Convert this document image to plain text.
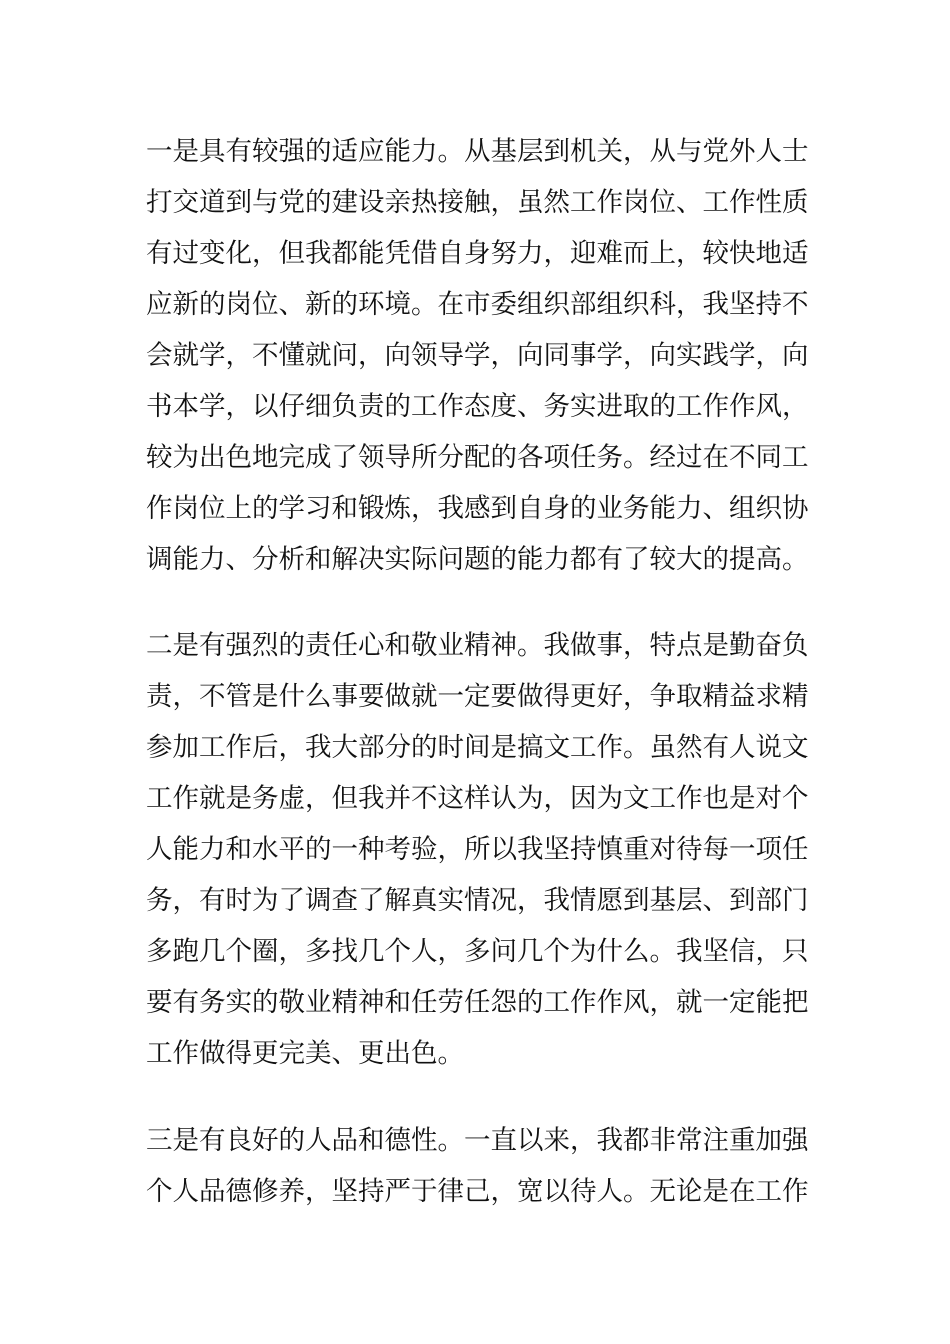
一是具有较强的适应能力。从基层到机关，从与党外人士
打交道到与党的建设亲热接触，虽然工作岗位、工作性质
有过变化，但我都能凭借自身努力，迎难而上，较快地适
应新的岗位、新的环境。在市委组织部组织科，我坚持不
会就学，不懂就问，向领导学，向同事学，向实践学，向
书本学，以仔细负责的工作态度、务实进取的工作作风，
较为出色地完成了领导所分配的各项任务。经过在不同工
作岗位上的学习和锻炼，我感到自身的业务能力、组织协
调能力、分析和解决实际问题的能力都有了较大的提高。
二是有强烈的责任心和敬业精神。我做事，特点是勤奋负
责，不管是什么事要做就一定要做得更好，争取精益求精
参加工作后，我大部分的时间是搞文工作。虽然有人说文
工作就是务虚，但我并不这样认为，因为文工作也是对个
人能力和水平的一种考验，所以我坚持慎重对待每一项任
务，有时为了调查了解真实情况，我情愿到基层、到部门
多跑几个圈，多找几个人，多问几个为什么。我坚信，只
要有务实的敬业精神和任劳任怨的工作作风，就一定能把
工作做得更完美、更出色。
三是有良好的人品和德性。一直以来，我都非常注重加强
个人品德修养，坚持严于律己，宽以待人。无论是在工作
